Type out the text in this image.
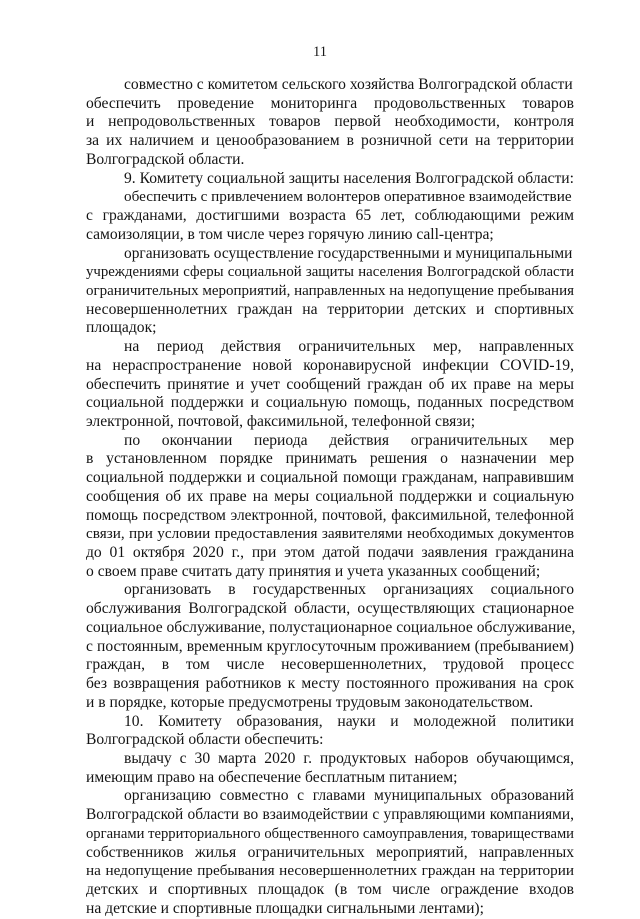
11
совместно с комитетом сельского хозяйства Волгоградской области
обеспечить проведение мониторинга продовольственных товаров
и непродовольственных товаров первой необходимости, контроля
за их наличием и ценообразованием в розничной сети на территории
Волгоградской области.
9. Комитету социальной защиты населения Волгоградской области:
обеспечить с привлечением волонтеров оперативное взаимодействие
с гражданами, достигшими возраста 65 лет, соблюдающими режим
самоизоляции, в том числе через горячую линию call-центра;
организовать осуществление государственными и муниципальными
учреждениями сферы социальной защиты населения Волгоградской области
ограничительных мероприятий, направленных на недопущение пребывания
несовершеннолетних граждан на территории детских и спортивных
площадок;
на период действия ограничительных мер, направленных
на нераспространение новой коронавирусной инфекции COVID-19,
обеспечить принятие и учет сообщений граждан об их праве на меры
социальной поддержки и социальную помощь, поданных посредством
электронной, почтовой, факсимильной, телефонной связи;
по окончании периода действия ограничительных мер
в установленном порядке принимать решения о назначении мер
социальной поддержки и социальной помощи гражданам, направившим
сообщения об их праве на меры социальной поддержки и социальную
помощь посредством электронной, почтовой, факсимильной, телефонной
связи, при условии предоставления заявителями необходимых документов
до 01 октября 2020 г., при этом датой подачи заявления гражданина
о своем праве считать дату принятия и учета указанных сообщений;
организовать в государственных организациях социального
обслуживания Волгоградской области, осуществляющих стационарное
социальное обслуживание, полустационарное социальное обслуживание,
с постоянным, временным круглосуточным проживанием (пребыванием)
граждан, в том числе несовершеннолетних, трудовой процесс
без возвращения работников к месту постоянного проживания на срок
и в порядке, которые предусмотрены трудовым законодательством.
10. Комитету образования, науки и молодежной политики
Волгоградской области обеспечить:
выдачу с 30 марта 2020 г. продуктовых наборов обучающимся,
имеющим право на обеспечение бесплатным питанием;
организацию совместно с главами муниципальных образований
Волгоградской области во взаимодействии с управляющими компаниями,
органами территориального общественного самоуправления, товариществами
собственников жилья ограничительных мероприятий, направленных
на недопущение пребывания несовершеннолетних граждан на территории
детских и спортивных площадок (в том числе ограждение входов
на детские и спортивные площадки сигнальными лентами);
